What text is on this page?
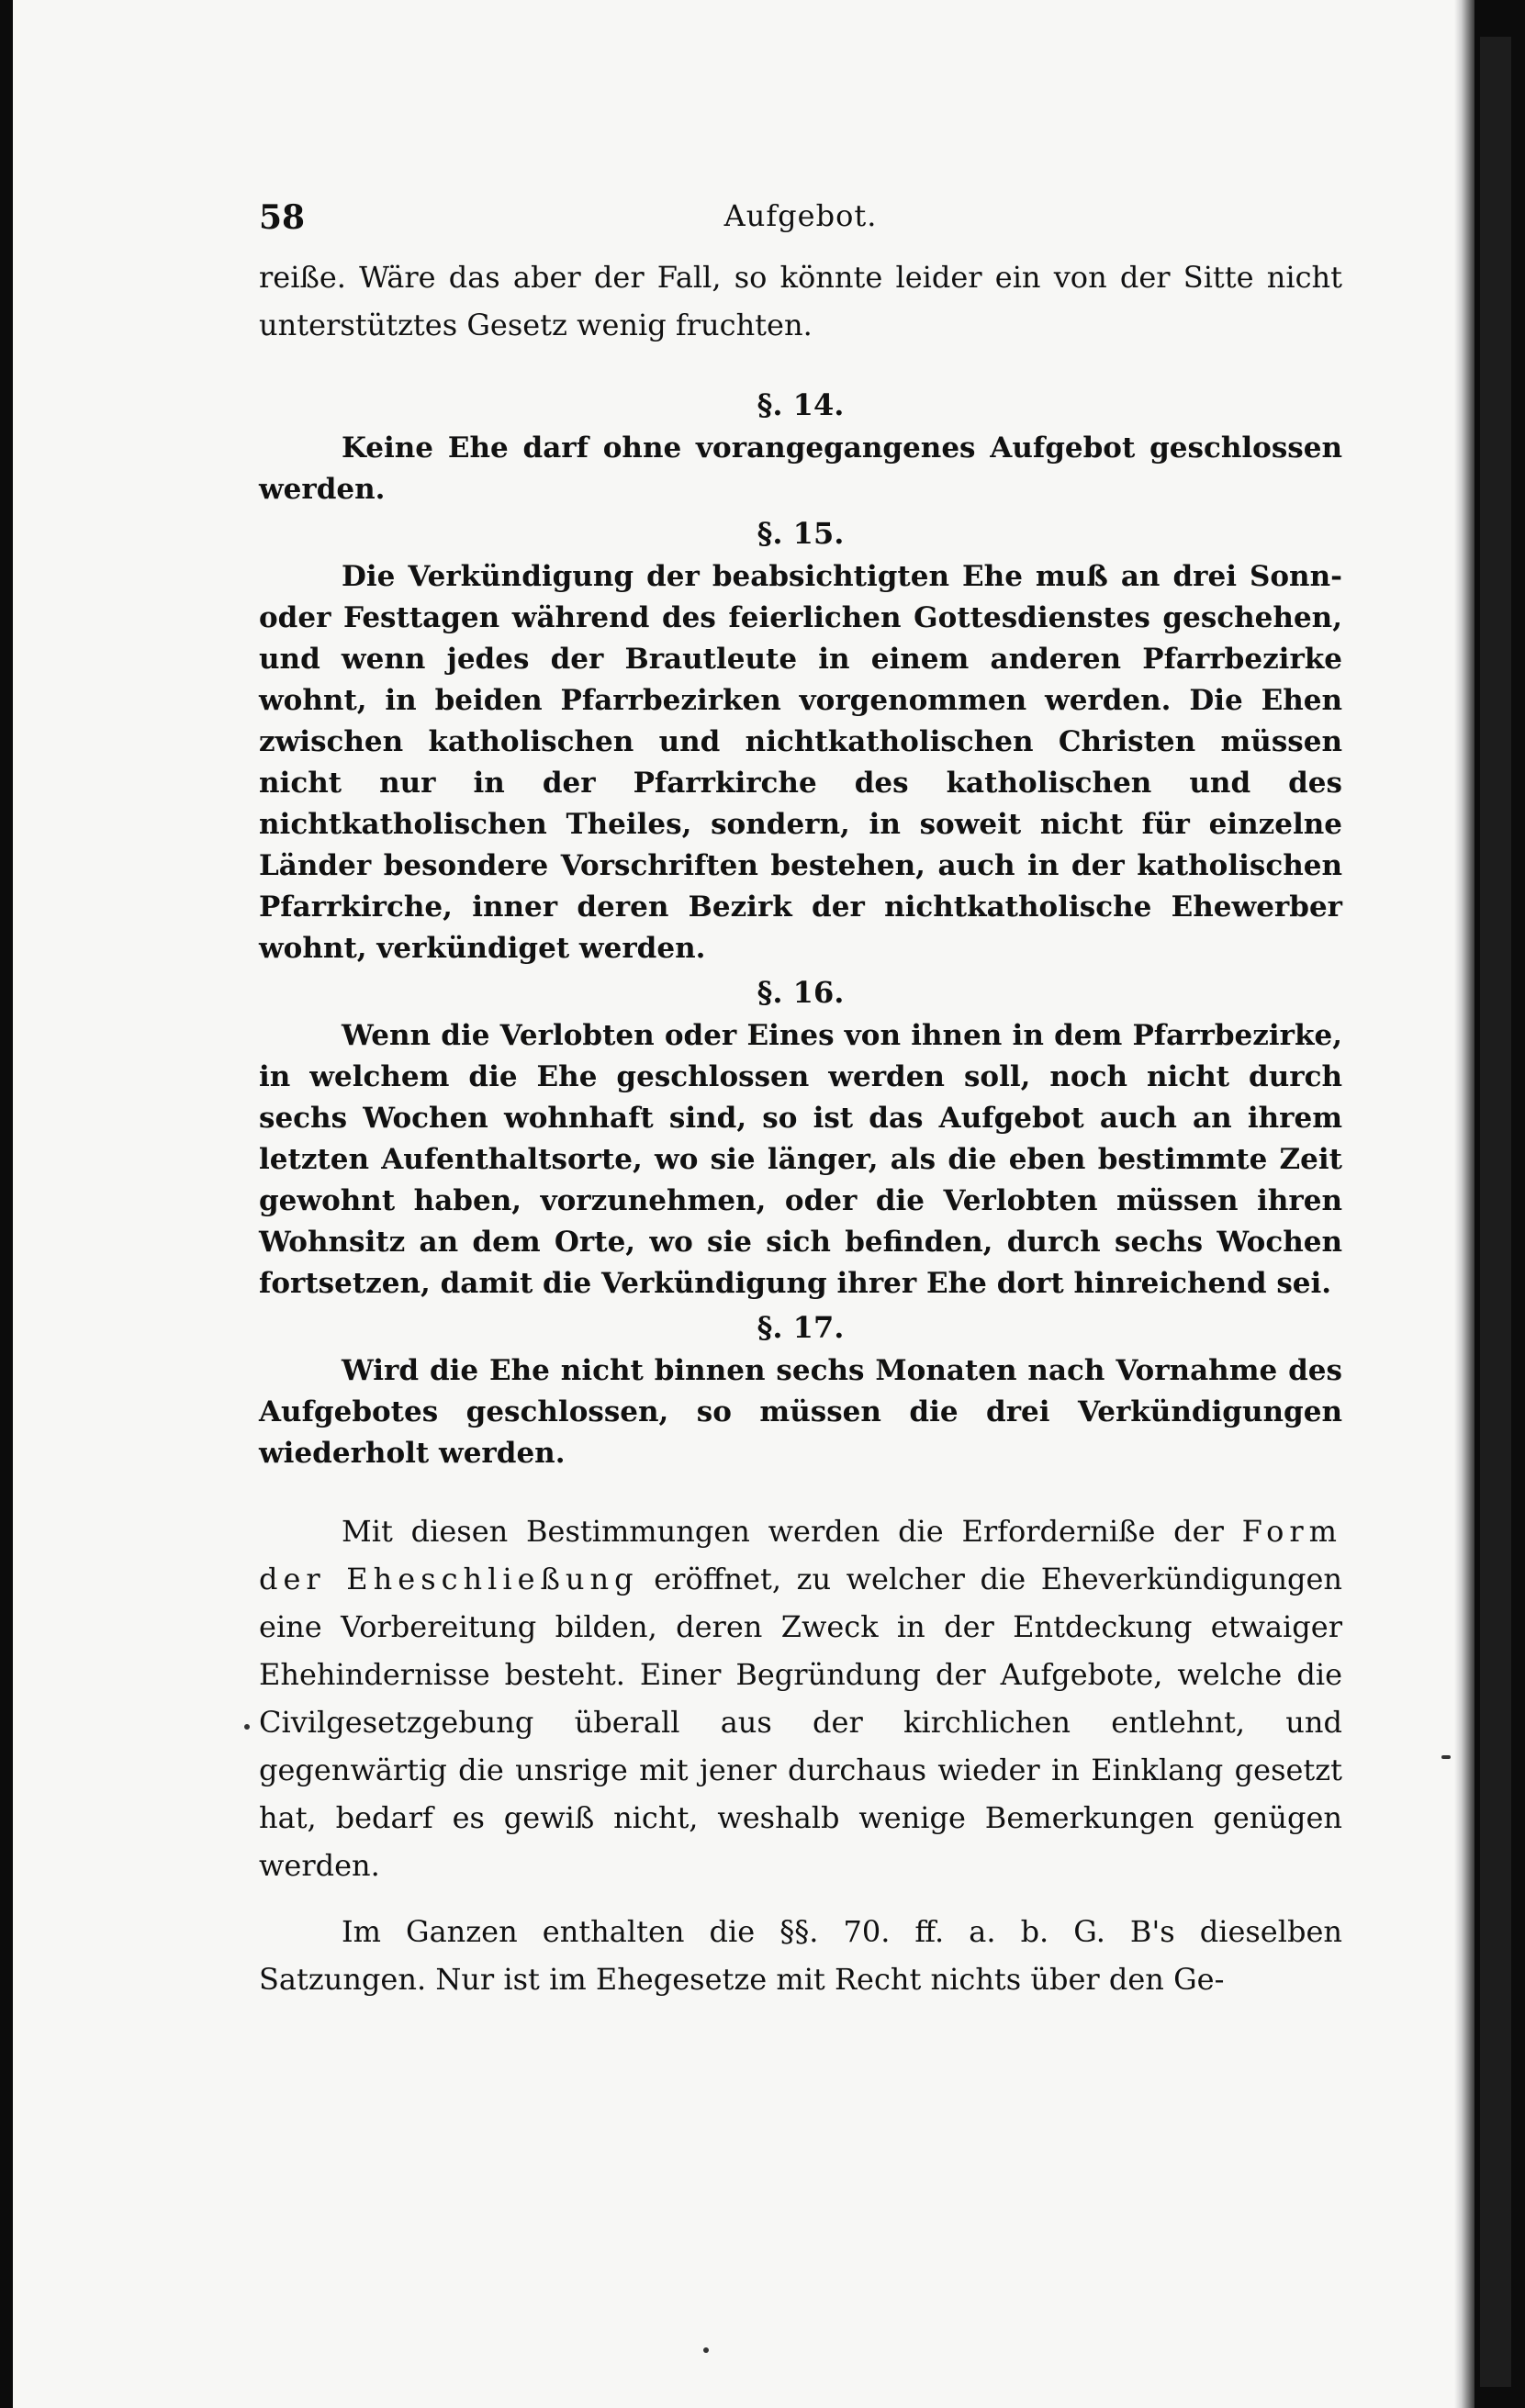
58	Aufgebot.

reiße. Wäre das aber der Fall, so könnte leider ein von der Sitte nicht unterstütztes Gesetz wenig fruchten.

§. 14.

Keine Ehe darf ohne vorangegangenes Aufgebot geschlossen werden.

§. 15.

Die Verkündigung der beabsichtigten Ehe muß an drei Sonn- oder Festtagen während des feierlichen Gottesdienstes geschehen, und wenn jedes der Brautleute in einem anderen Pfarrbezirke wohnt, in beiden Pfarrbezirken vorgenommen werden. Die Ehen zwischen katholischen und nichtkatholischen Christen müssen nicht nur in der Pfarrkirche des katholischen und des nichtkatholischen Theiles, sondern, in soweit nicht für einzelne Länder besondere Vorschriften bestehen, auch in der katholischen Pfarrkirche, inner deren Bezirk der nichtkatholische Ehewerber wohnt, verkündiget werden.

§. 16.

Wenn die Verlobten oder Eines von ihnen in dem Pfarrbezirke, in welchem die Ehe geschlossen werden soll, noch nicht durch sechs Wochen wohnhaft sind, so ist das Aufgebot auch an ihrem letzten Aufenthaltsorte, wo sie länger, als die eben bestimmte Zeit gewohnt haben, vorzunehmen, oder die Verlobten müssen ihren Wohnsitz an dem Orte, wo sie sich befinden, durch sechs Wochen fortsetzen, damit die Verkündigung ihrer Ehe dort hinreichend sei.

§. 17.

Wird die Ehe nicht binnen sechs Monaten nach Vornahme des Aufgebotes geschlossen, so müssen die drei Verkündigungen wiederholt werden.

Mit diesen Bestimmungen werden die Erforderniße der Form der Eheschließung eröffnet, zu welcher die Eheverkündigungen eine Vorbereitung bilden, deren Zweck in der Entdeckung etwaiger Ehehindernisse besteht. Einer Begründung der Aufgebote, welche die Civilgesetzgebung überall aus der kirchlichen entlehnt, und gegenwärtig die unsrige mit jener durchaus wieder in Einklang gesetzt hat, bedarf es gewiß nicht, weshalb wenige Bemerkungen genügen werden.

Im Ganzen enthalten die §§. 70. ff. a. b. G. B's dieselben Satzungen. Nur ist im Ehegesetze mit Recht nichts über den Ge-
